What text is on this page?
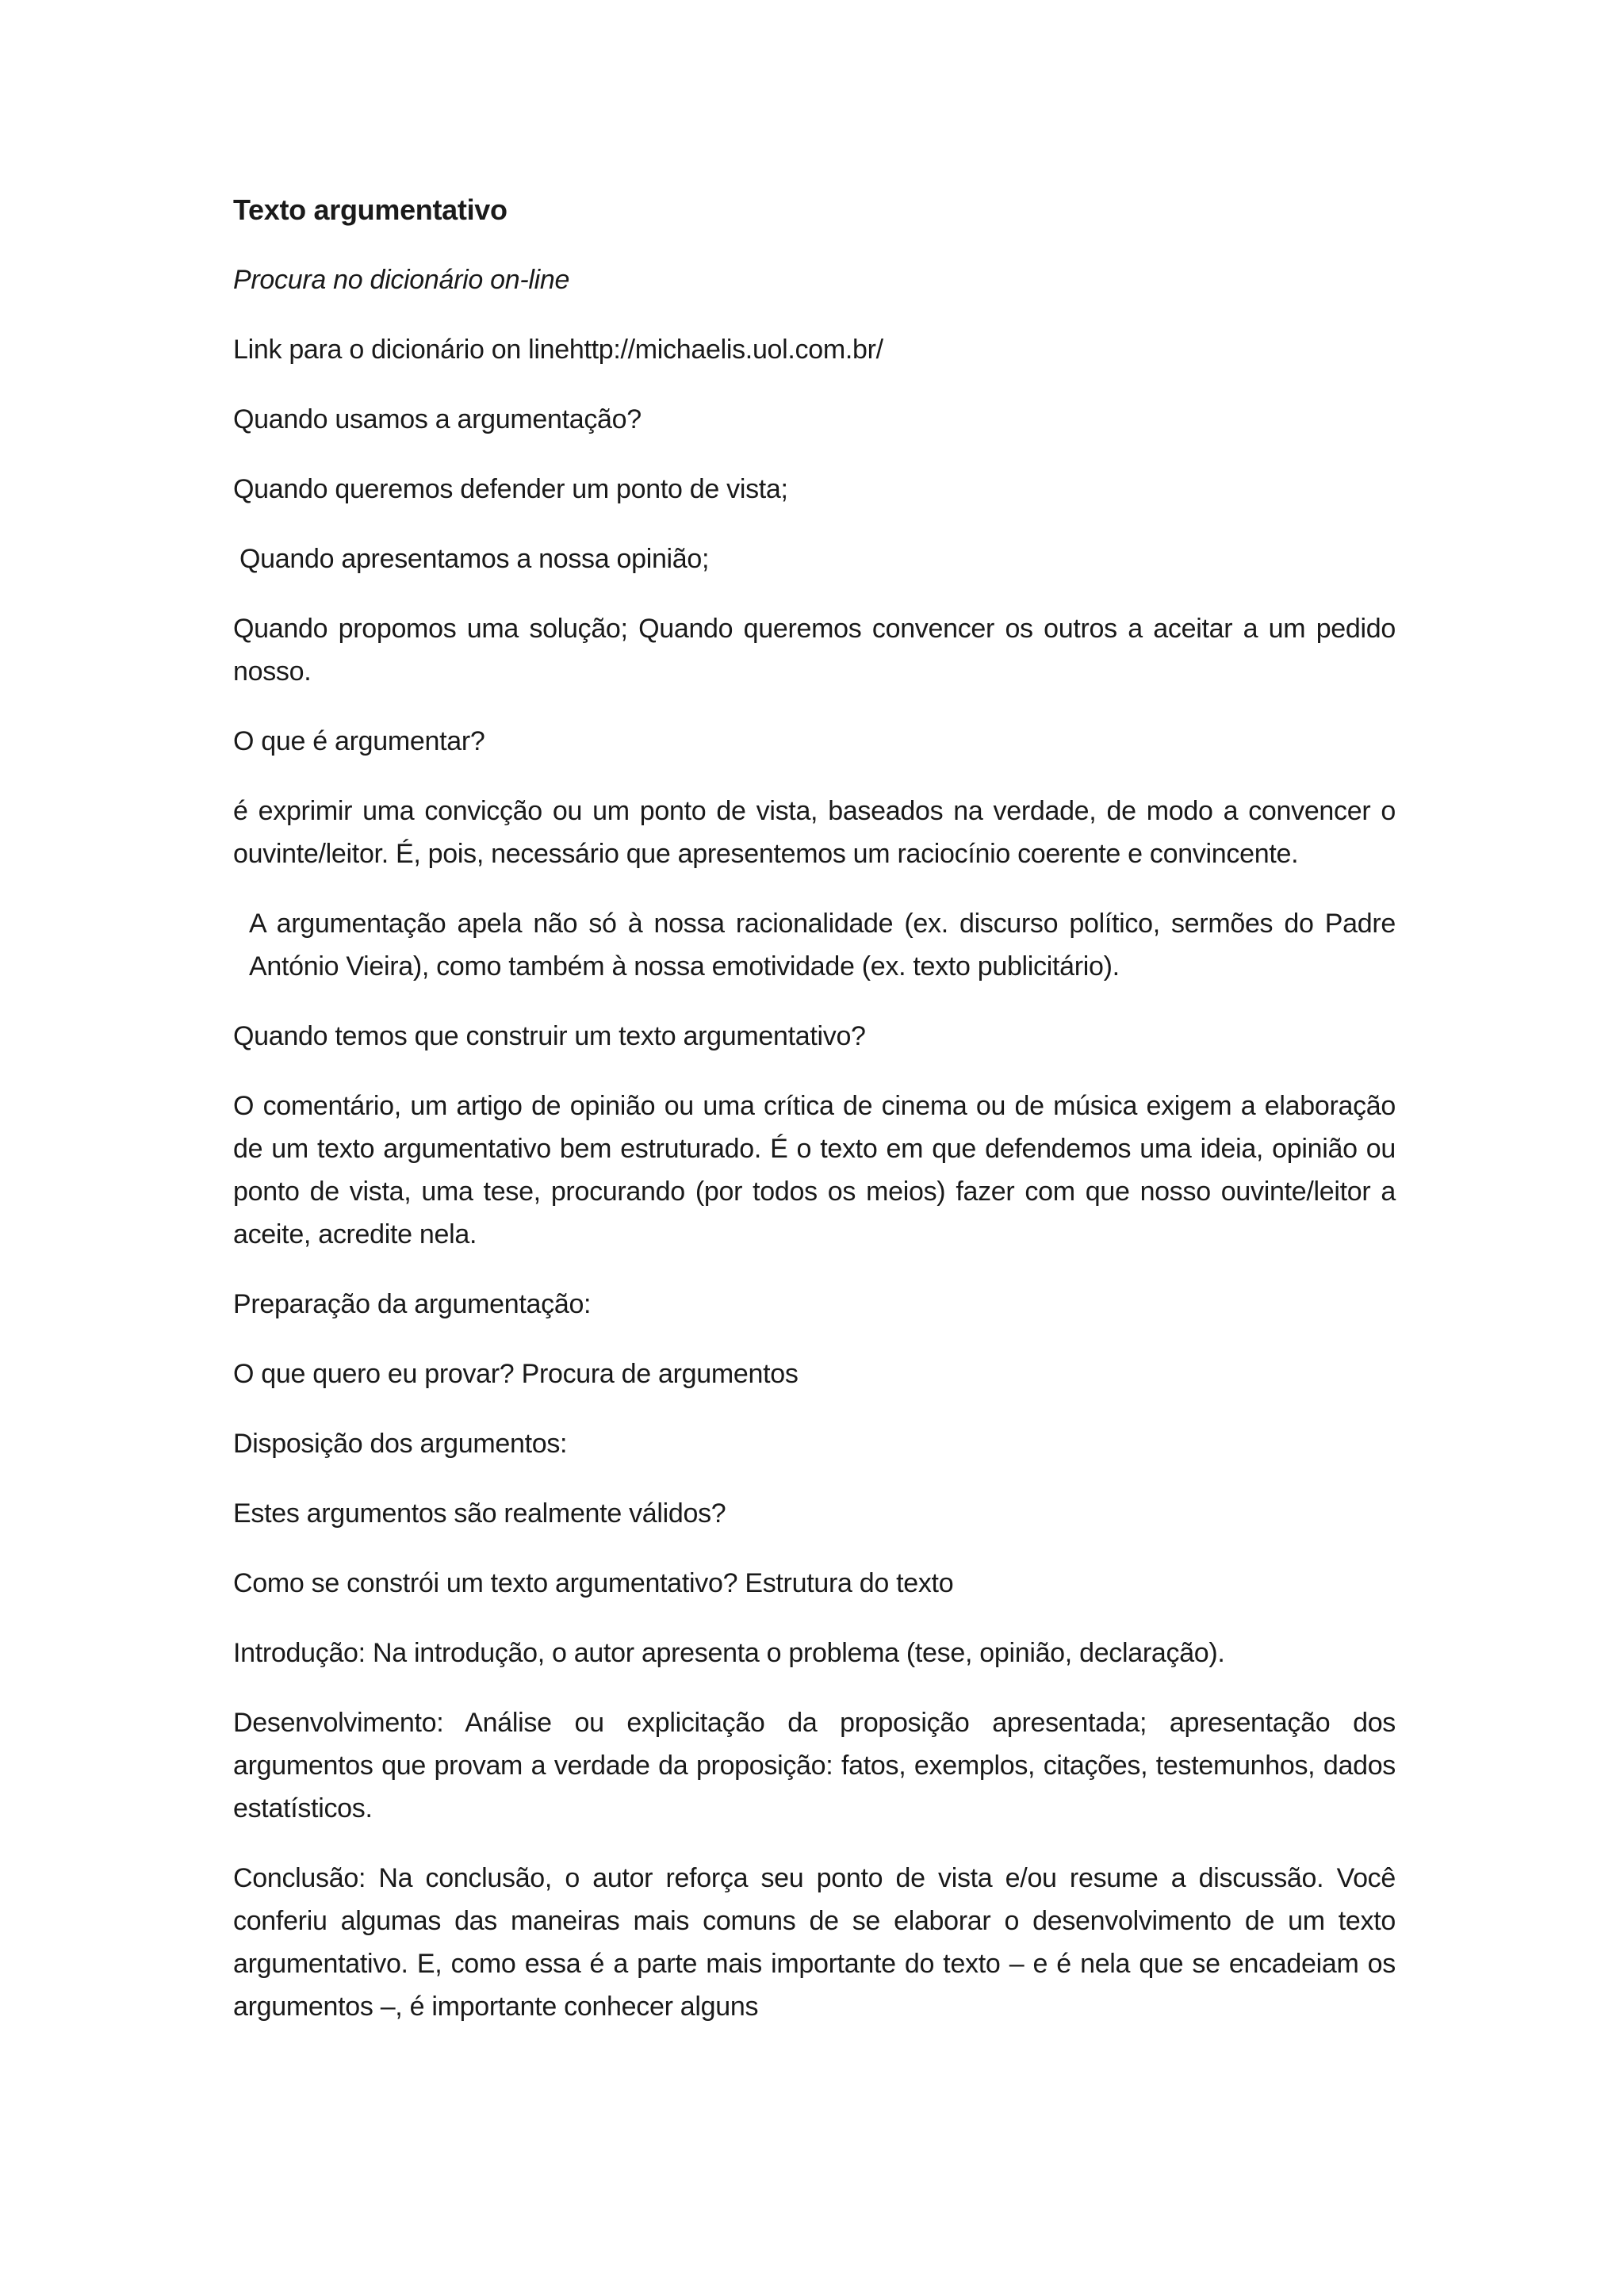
Texto argumentativo

Procura no dicionário on-line

Link para o dicionário on linehttp://michaelis.uol.com.br/

Quando usamos a argumentação?

Quando queremos defender um ponto de vista;

Quando apresentamos a nossa opinião;

Quando propomos uma solução; Quando queremos convencer os outros a aceitar a um pedido nosso.

O que é argumentar?

é exprimir uma convicção ou um ponto de vista, baseados na verdade, de modo a convencer o ouvinte/leitor. É, pois, necessário que apresentemos um raciocínio coerente e convincente.

A argumentação apela não só à nossa racionalidade (ex. discurso político, sermões do Padre António Vieira), como também à nossa emotividade (ex. texto publicitário).

Quando temos que construir um texto argumentativo?

O comentário, um artigo de opinião ou uma crítica de cinema ou de música exigem a elaboração de um texto argumentativo bem estruturado. É o texto em que defendemos uma ideia, opinião ou ponto de vista, uma tese, procurando (por todos os meios) fazer com que nosso ouvinte/leitor a aceite, acredite nela.

Preparação da argumentação:

O que quero eu provar? Procura de argumentos

Disposição dos argumentos:

Estes argumentos são realmente válidos?

Como se constrói um texto argumentativo? Estrutura do texto

Introdução: Na introdução, o autor apresenta o problema (tese, opinião, declaração).

Desenvolvimento: Análise ou explicitação da proposição apresentada; apresentação dos argumentos que provam a verdade da proposição: fatos, exemplos, citações, testemunhos, dados estatísticos.

Conclusão: Na conclusão, o autor reforça seu ponto de vista e/ou resume a discussão. Você conferiu algumas das maneiras mais comuns de se elaborar o desenvolvimento de um texto argumentativo. E, como essa é a parte mais importante do texto – e é nela que se encadeiam os argumentos –, é importante conhecer alguns
